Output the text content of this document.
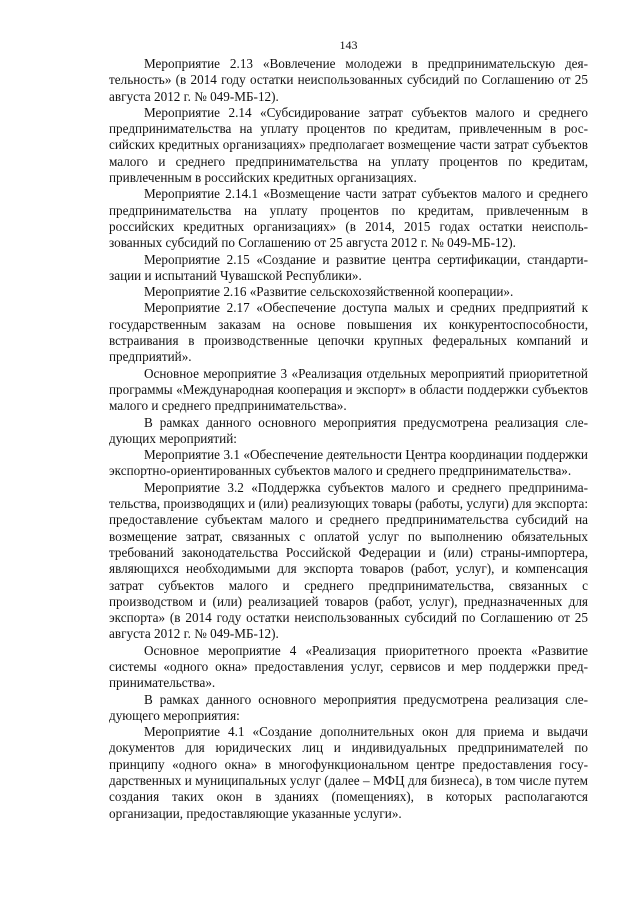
143

Мероприятие 2.13 «Вовлечение молодежи в предпринимательскую деятельность» (в 2014 году остатки неиспользованных субсидий по Соглашению от 25 августа 2012 г. № 049-МБ-12).

Мероприятие 2.14 «Субсидирование затрат субъектов малого и среднего предпринимательства на уплату процентов по кредитам, привлеченным в российских кредитных организациях» предполагает возмещение части затрат субъектов малого и среднего предпринимательства на уплату процентов по кредитам, привлеченным в российских кредитных организациях.

Мероприятие 2.14.1 «Возмещение части затрат субъектов малого и среднего предпринимательства на уплату процентов по кредитам, привлеченным в российских кредитных организациях» (в 2014, 2015 годах остатки неиспользованных субсидий по Соглашению от 25 августа 2012 г. № 049-МБ-12).

Мероприятие 2.15 «Создание и развитие центра сертификации, стандартизации и испытаний Чувашской Республики».

Мероприятие 2.16 «Развитие сельскохозяйственной кооперации».

Мероприятие 2.17 «Обеспечение доступа малых и средних предприятий к государственным заказам на основе повышения их конкурентоспособности, встраивания в производственные цепочки крупных федеральных компаний и предприятий».

Основное мероприятие 3 «Реализация отдельных мероприятий приоритетной программы «Международная кооперация и экспорт» в области поддержки субъектов малого и среднего предпринимательства».

В рамках данного основного мероприятия предусмотрена реализация следующих мероприятий:

Мероприятие 3.1 «Обеспечение деятельности Центра координации поддержки экспортно-ориентированных субъектов малого и среднего предпринимательства».

Мероприятие 3.2 «Поддержка субъектов малого и среднего предпринимательства, производящих и (или) реализующих товары (работы, услуги) для экспорта: предоставление субъектам малого и среднего предпринимательства субсидий на возмещение затрат, связанных с оплатой услуг по выполнению обязательных требований законодательства Российской Федерации и (или) страны-импортера, являющихся необходимыми для экспорта товаров (работ, услуг), и компенсация затрат субъектов малого и среднего предпринимательства, связанных с производством и (или) реализацией товаров (работ, услуг), предназначенных для экспорта» (в 2014 году остатки неиспользованных субсидий по Соглашению от 25 августа 2012 г. № 049-МБ-12).

Основное мероприятие 4 «Реализация приоритетного проекта «Развитие системы «одного окна» предоставления услуг, сервисов и мер поддержки предпринимательства».

В рамках данного основного мероприятия предусмотрена реализация следующего мероприятия:

Мероприятие 4.1 «Создание дополнительных окон для приема и выдачи документов для юридических лиц и индивидуальных предпринимателей по принципу «одного окна» в многофункциональном центре предоставления государственных и муниципальных услуг (далее – МФЦ для бизнеса), в том числе путем создания таких окон в зданиях (помещениях), в которых располагаются организации, предоставляющие указанные услуги».
